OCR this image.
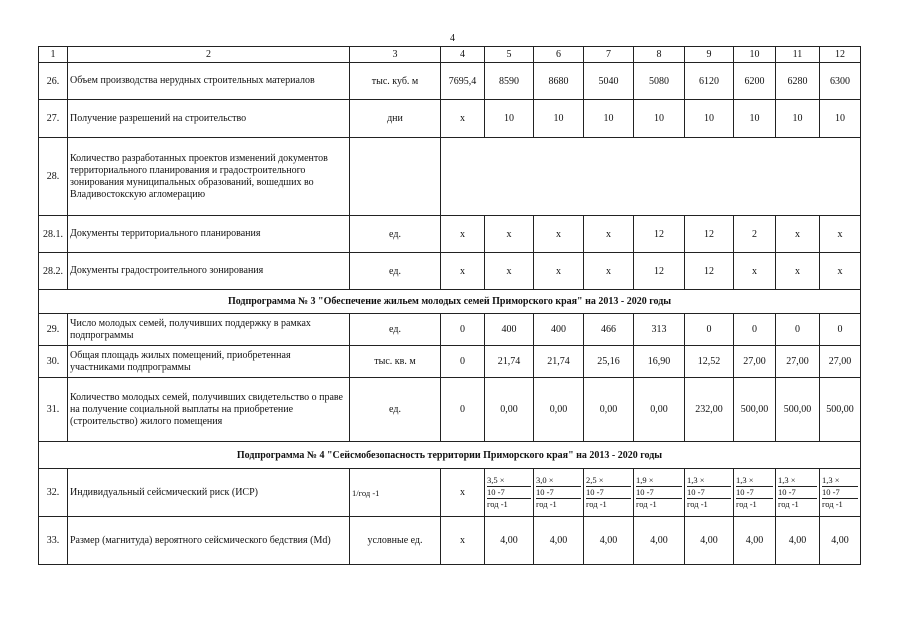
4
1	2	3	4	5	6	7	8	9	10	11	12
26.	Объем производства нерудных строительных материалов	тыс. куб. м	7695,4	8590	8680	5040	5080	6120	6200	6280	6300
27.	Получение разрешений на строительство	дни	х	10	10	10	10	10	10	10	10
28.	Количество разработанных проектов изменений документов территориального планирования и градостроительного зонирования муниципальных образований, вошедших во Владивостокскую агломерацию										
28.1.	Документы территориального планирования	ед.	х	х	х	х	12	12	2	х	х
28.2.	Документы градостроительного зонирования	ед.	х	х	х	х	12	12	х	х	х
Подпрограмма № 3 "Обеспечение жильем молодых семей Приморского края" на 2013 - 2020 годы											
29.	Число молодых семей, получивших поддержку в рамках подпрограммы	ед.	0	400	400	466	313	0	0	0	0
30.	Общая площадь жилых помещений, приобретенная участниками подпрограммы	тыс. кв. м	0	21,74	21,74	25,16	16,90	12,52	27,00	27,00	27,00
31.	Количество молодых семей, получивших свидетельство о праве на получение социальной выплаты на приобретение (строительство) жилого помещения	ед.	0	0,00	0,00	0,00	0,00	232,00	500,00	500,00	500,00
Подпрограмма № 4 "Сейсмобезопасность территории Приморского края" на 2013 - 2020 годы											
32.	Индивидуальный сейсмический риск (ИСР)	1/год -1	х	3,5 ×
10 -7
год -1	3,0 ×
10 -7
год -1	2,5 ×
10 -7
год -1	1,9 ×
10 -7
год -1	1,3 ×
10 -7
год -1	1,3 ×
10 -7
год -1	1,3 ×
10 -7
год -1	1,3 ×
10 -7
год -1

33.	Размер (магнитуда) вероятного сейсмического бедствия (Md)	условные ед.	х	4,00	4,00	4,00	4,00	4,00	4,00	4,00	4,00
